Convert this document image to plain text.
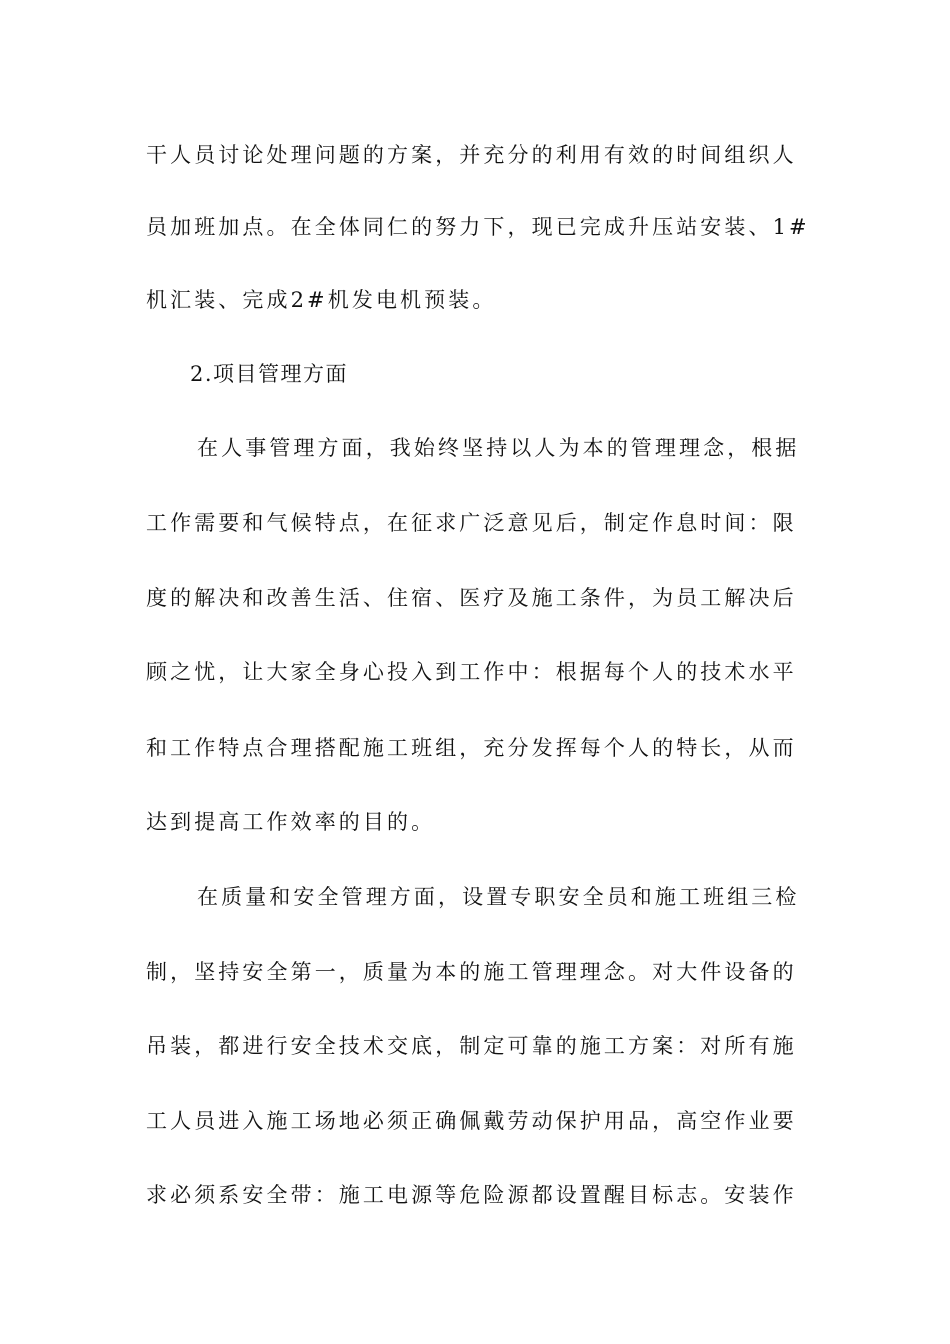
干人员讨论处理问题的方案，并充分的利用有效的时间组织人
员加班加点。在全体同仁的努力下，现已完成升压站安装、1#
机汇装、完成2#机发电机预装。
2.项目管理方面
在人事管理方面，我始终坚持以人为本的管理理念，根据
工作需要和气候特点，在征求广泛意见后，制定作息时间：限
度的解决和改善生活、住宿、医疗及施工条件，为员工解决后
顾之忧，让大家全身心投入到工作中：根据每个人的技术水平
和工作特点合理搭配施工班组，充分发挥每个人的特长，从而
达到提高工作效率的目的。
在质量和安全管理方面，设置专职安全员和施工班组三检
制，坚持安全第一，质量为本的施工管理理念。对大件设备的
吊装，都进行安全技术交底，制定可靠的施工方案：对所有施
工人员进入施工场地必须正确佩戴劳动保护用品，高空作业要
求必须系安全带：施工电源等危险源都设置醒目标志。安装作
